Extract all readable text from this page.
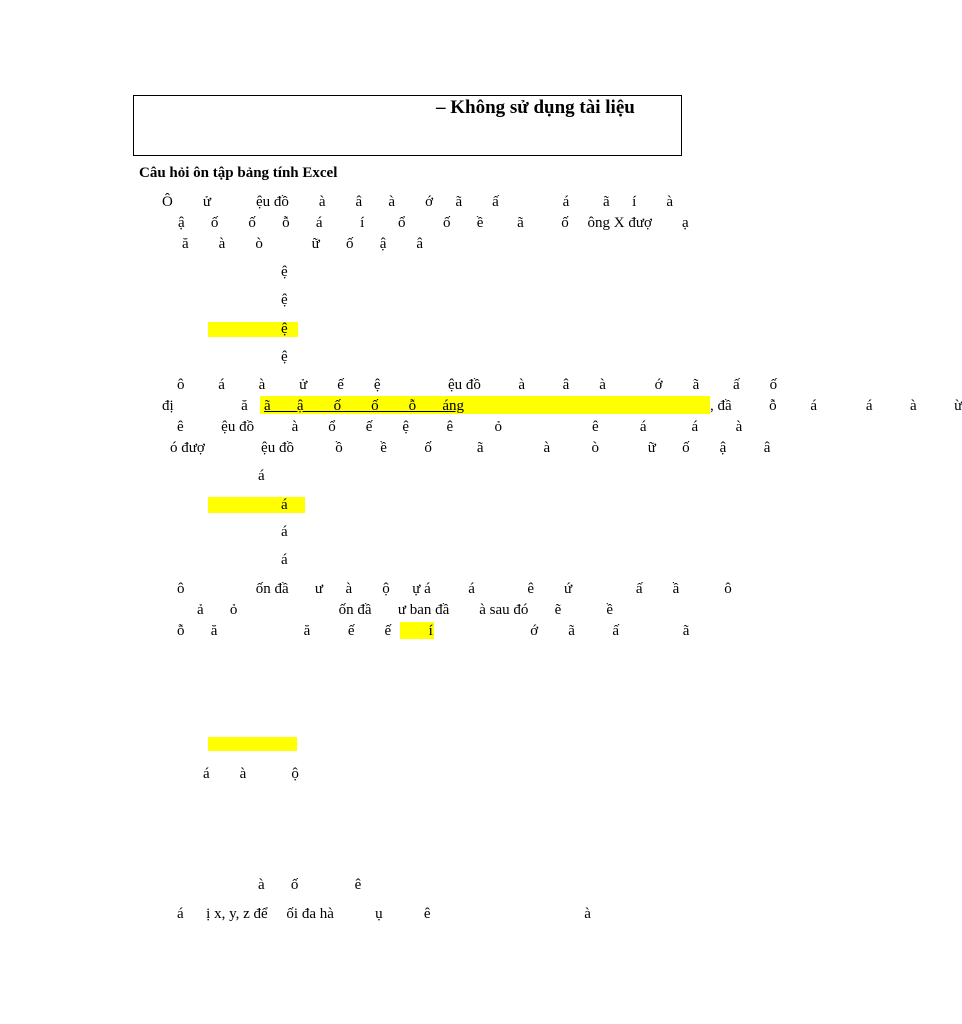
– Không sử dụng tài liệu
Câu hỏi ôn tập bảng tính Excel
Ô        ử            ệu đồ        à        â       à        ớ      ã        ấ                 á         ã      í        à
ậ       ố        ố       ỗ       á          í         ổ          ố       ề         ã          ố     ông X đượ        ạ
ă        à        ò             ữ       ố       ậ        â
ệ
ệ
ệ
ệ
ô         á         à         ử        ế        ệ                  ệu đồ          à          â        à             ớ        ã         ấ        ố
đị                  ă ã       ậ        ố        ố        ỗ       áng	, đầ          ỗ         á             á          à          ừ
ê          ệu đồ          à        ổ        ế        ệ          ê           ỏ                        ê           á            á          à
ó đượ               ệu đồ           ồ          ề          ố            ã                à           ò             ữ       ố        ậ          â
á
á
á
á
ô                   ốn đầ       ư      à        ộ      ự á          á              ê        ứ                 ấ        ầ            ô
ả       ỏ                           ốn đầ       ư ban đầ        à sau đó       ẽ            ề
ỗ       ă                       ă          ế        ế          í                          ớ        ã          ấ                 ã
á        à            ộ
à       ố               ê
á      ị x, y, z để     ối đa hà           ụ           ê                                         à
